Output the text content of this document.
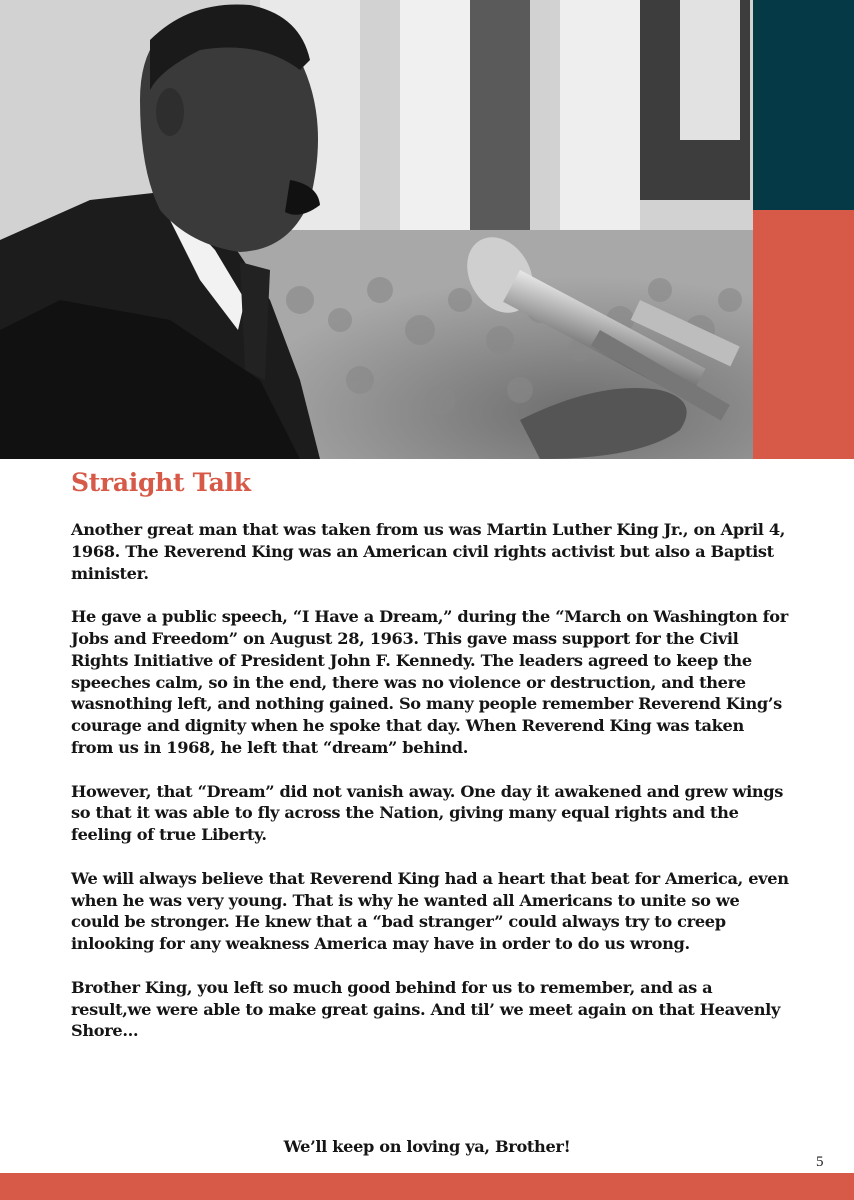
Straight Talk

Another great man that was taken from us was Martin Luther King Jr., on April 4, 1968. The Reverend King was an American civil rights activist but also a Baptist minister.

He gave a public speech, “I Have a Dream,” during the “March on Washington for Jobs and Freedom” on August 28, 1963. This gave mass support for the Civil Rights Initiative of President John F. Kennedy. The leaders agreed to keep the speeches calm, so in the end, there was no violence or destruction, and there wasnothing left, and nothing gained. So many people remember Reverend King’s courage and dignity when he spoke that day. When Reverend King was taken from us in 1968, he left that “dream” behind.

However, that “Dream” did not vanish away. One day it awakened and grew wings so that it was able to fly across the Nation, giving many equal rights and the feeling of true Liberty.

We will always believe that Reverend King had a heart that beat for America, even when he was very young. That is why he wanted all Americans to unite so we could be stronger. He knew that a “bad stranger” could always try to creep inlooking for any weakness America may have in order to do us wrong.

Brother King, you left so much good behind for us to remember, and as a result,we were able to make great gains. And til’ we meet again on that Heavenly Shore…

We’ll keep on loving ya, Brother!
5
